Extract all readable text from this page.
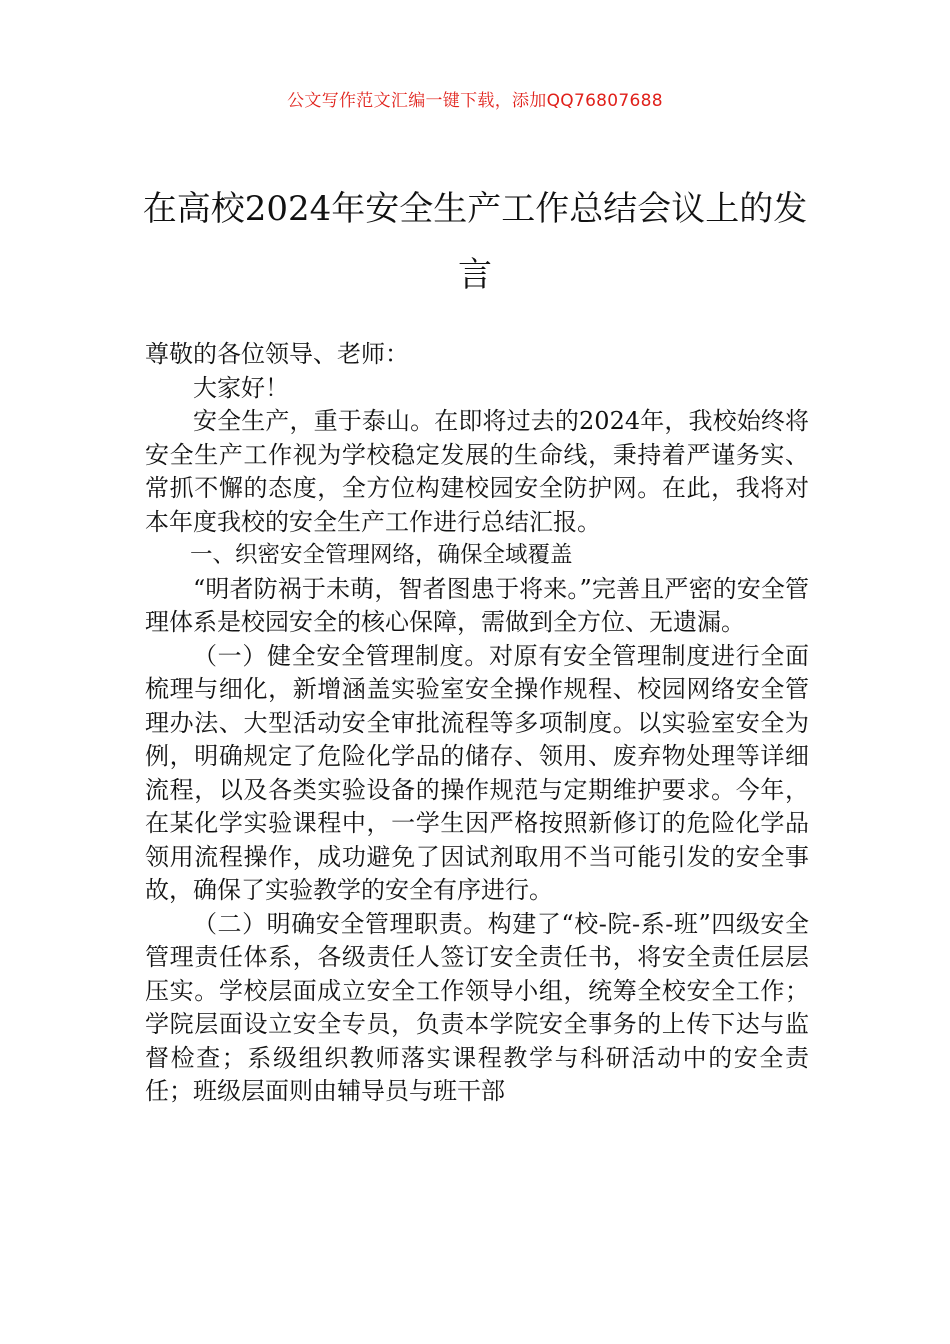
公文写作范文汇编一键下载，添加QQ76807688
在高校2024年安全生产工作总结会议上的发言

尊敬的各位领导、老师：

大家好！

安全生产，重于泰山。在即将过去的2024年，我校始终将安全生产工作视为学校稳定发展的生命线，秉持着严谨务实、常抓不懈的态度，全方位构建校园安全防护网。在此，我将对本年度我校的安全生产工作进行总结汇报。

一、织密安全管理网络，确保全域覆盖

“明者防祸于未萌，智者图患于将来。”完善且严密的安全管理体系是校园安全的核心保障，需做到全方位、无遗漏。

（一）健全安全管理制度。对原有安全管理制度进行全面梳理与细化，新增涵盖实验室安全操作规程、校园网络安全管理办法、大型活动安全审批流程等多项制度。以实验室安全为例，明确规定了危险化学品的储存、领用、废弃物处理等详细流程，以及各类实验设备的操作规范与定期维护要求。今年，在某化学实验课程中，一学生因严格按照新修订的危险化学品领用流程操作，成功避免了因试剂取用不当可能引发的安全事故，确保了实验教学的安全有序进行。

（二）明确安全管理职责。构建了“校-院-系-班”四级安全管理责任体系，各级责任人签订安全责任书，将安全责任层层压实。学校层面成立安全工作领导小组，统筹全校安全工作；学院层面设立安全专员，负责本学院安全事务的上传下达与监督检查；系级组织教师落实课程教学与科研活动中的安全责任；班级层面则由辅导员与班干部
